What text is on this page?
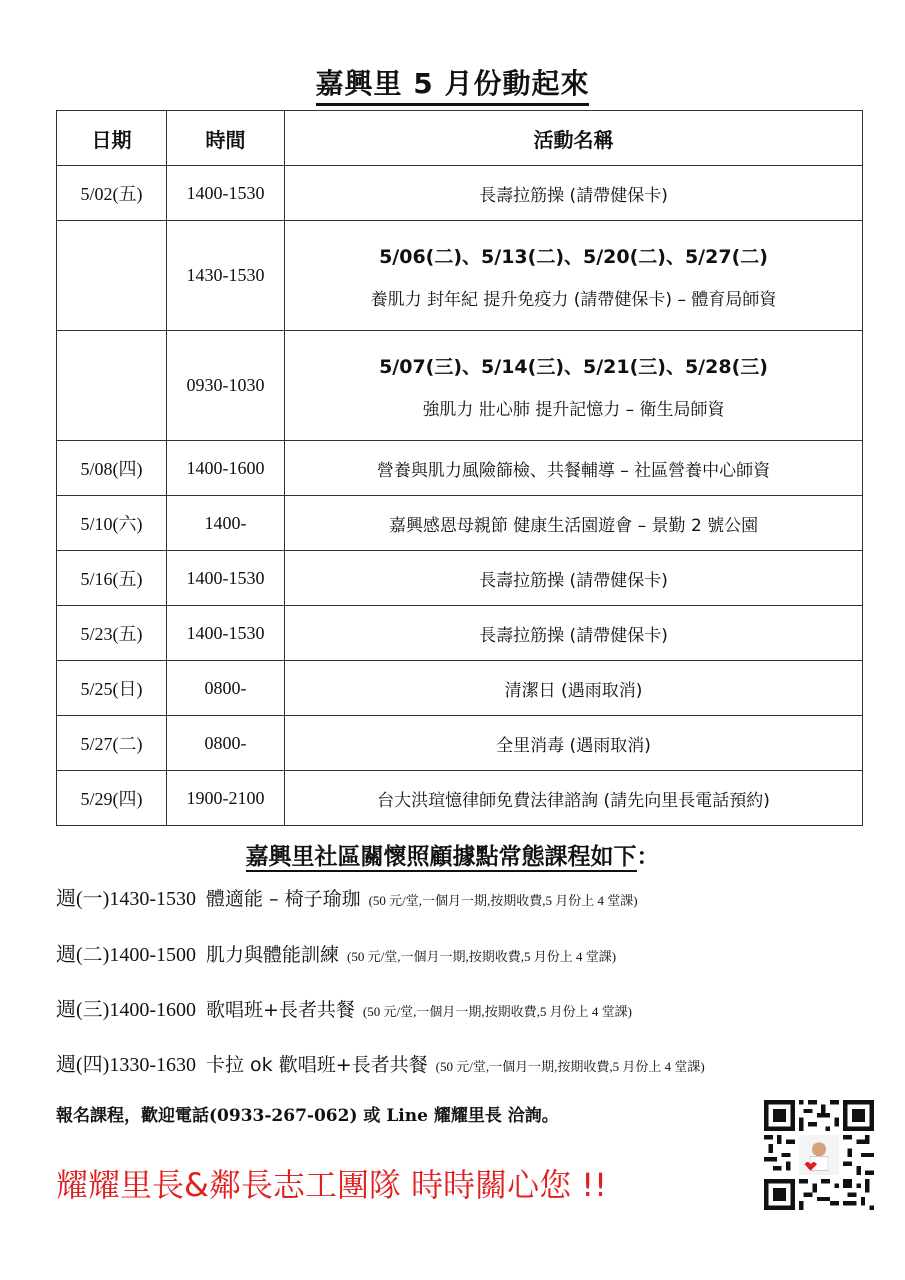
嘉興里 5 月份動起來
日期	時間	活動名稱
5/02(五)	1400-1530	長壽拉筋操 (請帶健保卡)
	1430-1530	5/06(二)、5/13(二)、5/20(二)、5/27(二)
養肌力 封年紀 提升免疫力 (請帶健保卡) – 體育局師資

	0930-1030	5/07(三)、5/14(三)、5/21(三)、5/28(三)
強肌力 壯心肺 提升記憶力 – 衛生局師資

5/08(四)	1400-1600	營養與肌力風險篩檢、共餐輔導 – 社區營養中心師資
5/10(六)	1400-	嘉興感恩母親節 健康生活園遊會 – 景勤 2 號公園
5/16(五)	1400-1530	長壽拉筋操 (請帶健保卡)
5/23(五)	1400-1530	長壽拉筋操 (請帶健保卡)
5/25(日)	0800-	清潔日 (遇雨取消)
5/27(二)	0800-	全里消毒 (遇雨取消)
5/29(四)	1900-2100	台大洪瑄憶律師免費法律諮詢 (請先向里長電話預約)
嘉興里社區關懷照顧據點常態課程如下：
週(一)1430-1530 體適能 – 椅子瑜珈 (50 元/堂,一個月一期,按期收費,5 月份上 4 堂課)
週(二)1400-1500 肌力與體能訓練 (50 元/堂,一個月一期,按期收費,5 月份上 4 堂課)
週(三)1400-1600 歌唱班+長者共餐 (50 元/堂,一個月一期,按期收費,5 月份上 4 堂課)
週(四)1330-1630 卡拉 ok 歡唱班+長者共餐 (50 元/堂,一個月一期,按期收費,5 月份上 4 堂課)
報名課程，歡迎電話(0933-267-062) 或 Line 耀耀里長 洽詢。
耀耀里長&鄰長志工團隊 時時關心您 !!
